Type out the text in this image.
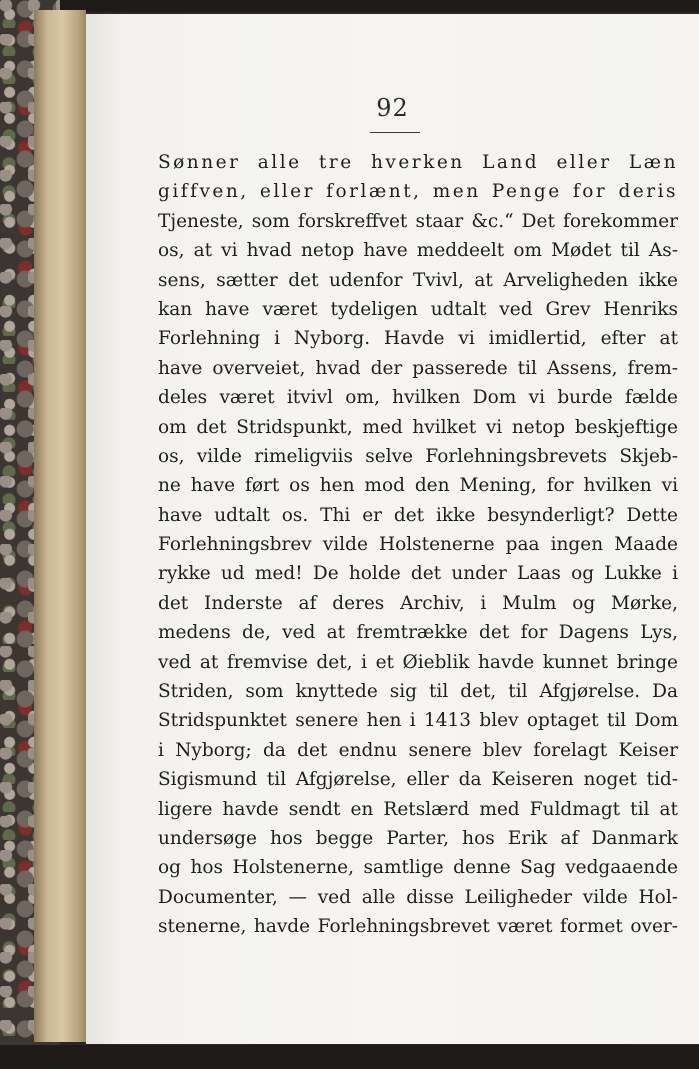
92
Sønner alle tre hverken Land eller Læn
giffven, eller forlænt, men Penge for deris
Tjeneste, som forskreffvet staar &c.“ Det forekommer
os, at vi hvad netop have meddeelt om Mødet til As-
sens, sætter det udenfor Tvivl, at Arveligheden ikke
kan have været tydeligen udtalt ved Grev Henriks
Forlehning i Nyborg. Havde vi imidlertid, efter at
have overveiet, hvad der passerede til Assens, frem-
deles været itvivl om, hvilken Dom vi burde fælde
om det Stridspunkt, med hvilket vi netop beskjeftige
os, vilde rimeligviis selve Forlehningsbrevets Skjeb-
ne have ført os hen mod den Mening, for hvilken vi
have udtalt os. Thi er det ikke besynderligt? Dette
Forlehningsbrev vilde Holstenerne paa ingen Maade
rykke ud med! De holde det under Laas og Lukke i
det Inderste af deres Archiv, i Mulm og Mørke,
medens de, ved at fremtrække det for Dagens Lys,
ved at fremvise det, i et Øieblik havde kunnet bringe
Striden, som knyttede sig til det, til Afgjørelse. Da
Stridspunktet senere hen i 1413 blev optaget til Dom
i Nyborg; da det endnu senere blev forelagt Keiser
Sigismund til Afgjørelse, eller da Keiseren noget tid-
ligere havde sendt en Retslærd med Fuldmagt til at
undersøge hos begge Parter, hos Erik af Danmark
og hos Holstenerne, samtlige denne Sag vedgaaende
Documenter, — ved alle disse Leiligheder vilde Hol-
stenerne, havde Forlehningsbrevet været formet over-
